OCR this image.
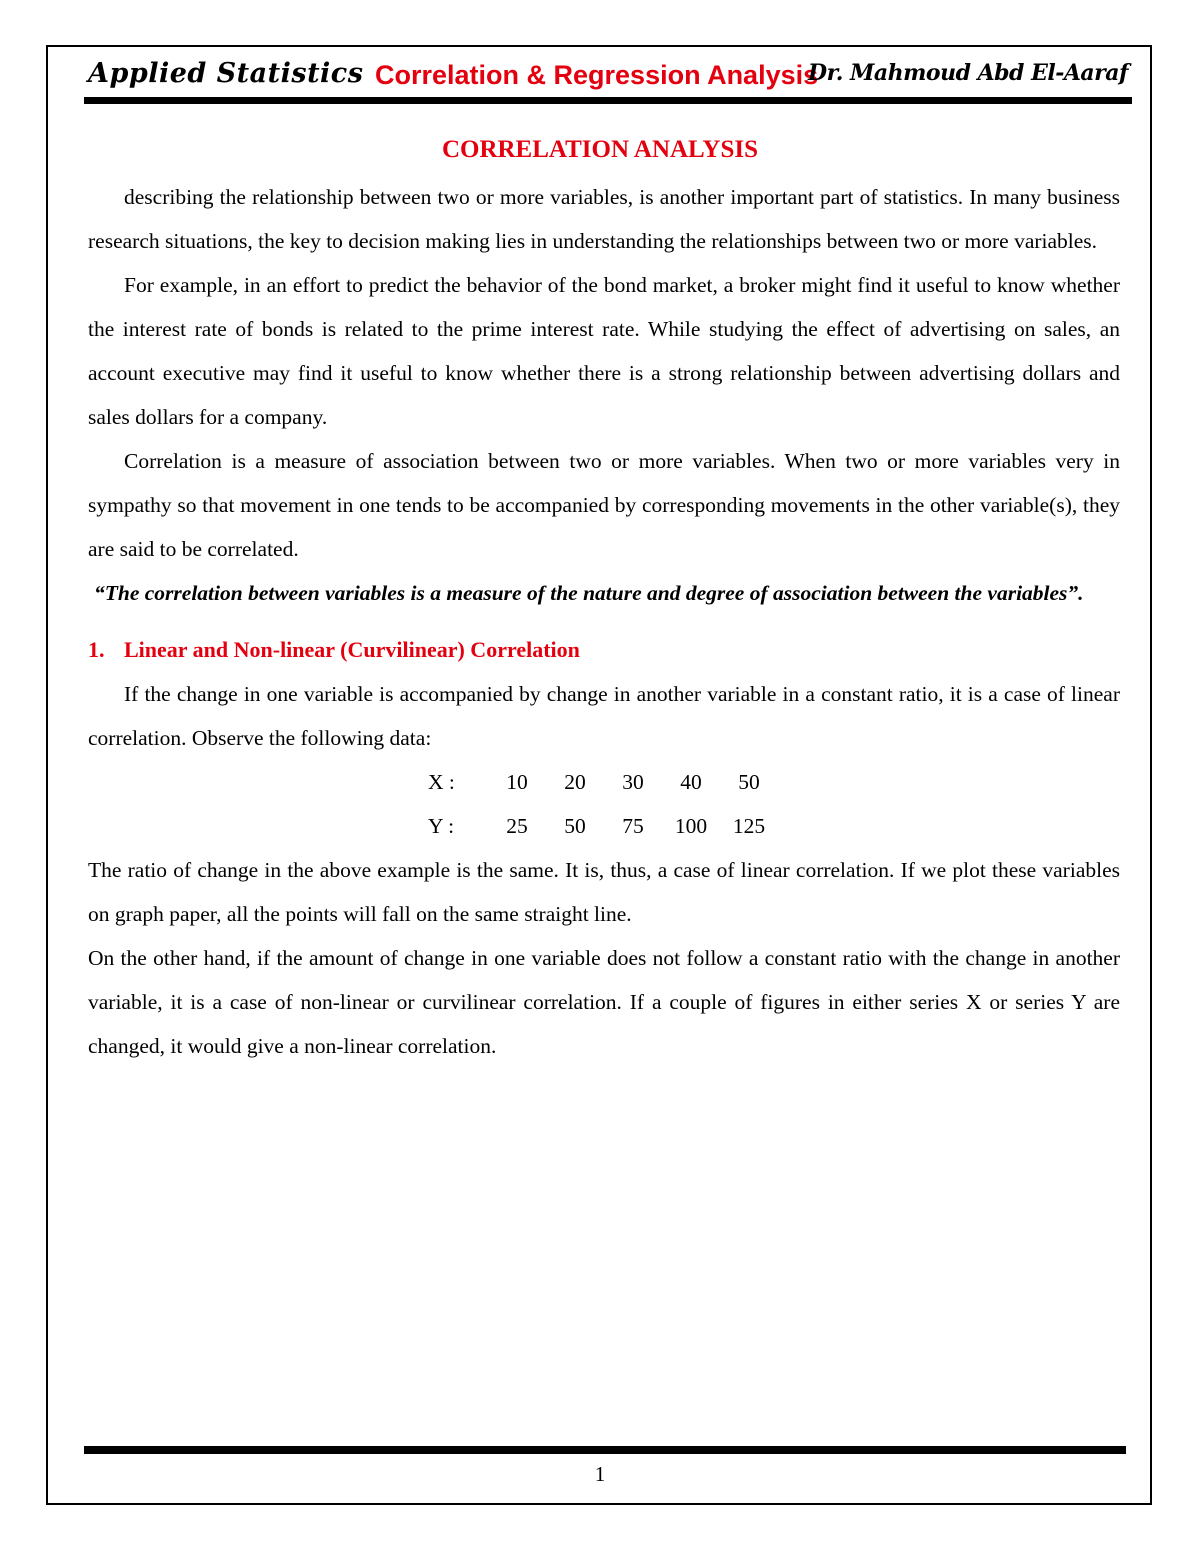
Applied Statistics Correlation & Regression Analysis
Dr. Mahmoud Abd El-Aaraf
CORRELATION ANALYSIS

describing the relationship between two or more variables, is another important part of statistics. In many business research situations, the key to decision making lies in understanding the relationships between two or more variables.

For example, in an effort to predict the behavior of the bond market, a broker might find it useful to know whether the interest rate of bonds is related to the prime interest rate. While studying the effect of advertising on sales, an account executive may find it useful to know whether there is a strong relationship between advertising dollars and sales dollars for a company.

Correlation is a measure of association between two or more variables. When two or more variables very in sympathy so that movement in one tends to be accompanied by corresponding movements in the other variable(s), they are said to be correlated.

“The correlation between variables is a measure of the nature and degree of association between the variables”.

1. Linear and Non-linear (Curvilinear) Correlation

If the change in one variable is accompanied by change in another variable in a constant ratio, it is a case of linear correlation. Observe the following data:

X :	10	20	30	40	50
Y :	25	50	75	100	125

The ratio of change in the above example is the same. It is, thus, a case of linear correlation. If we plot these variables on graph paper, all the points will fall on the same straight line.

On the other hand, if the amount of change in one variable does not follow a constant ratio with the change in another variable, it is a case of non-linear or curvilinear correlation. If a couple of figures in either series X or series Y are changed, it would give a non-linear correlation.

1
